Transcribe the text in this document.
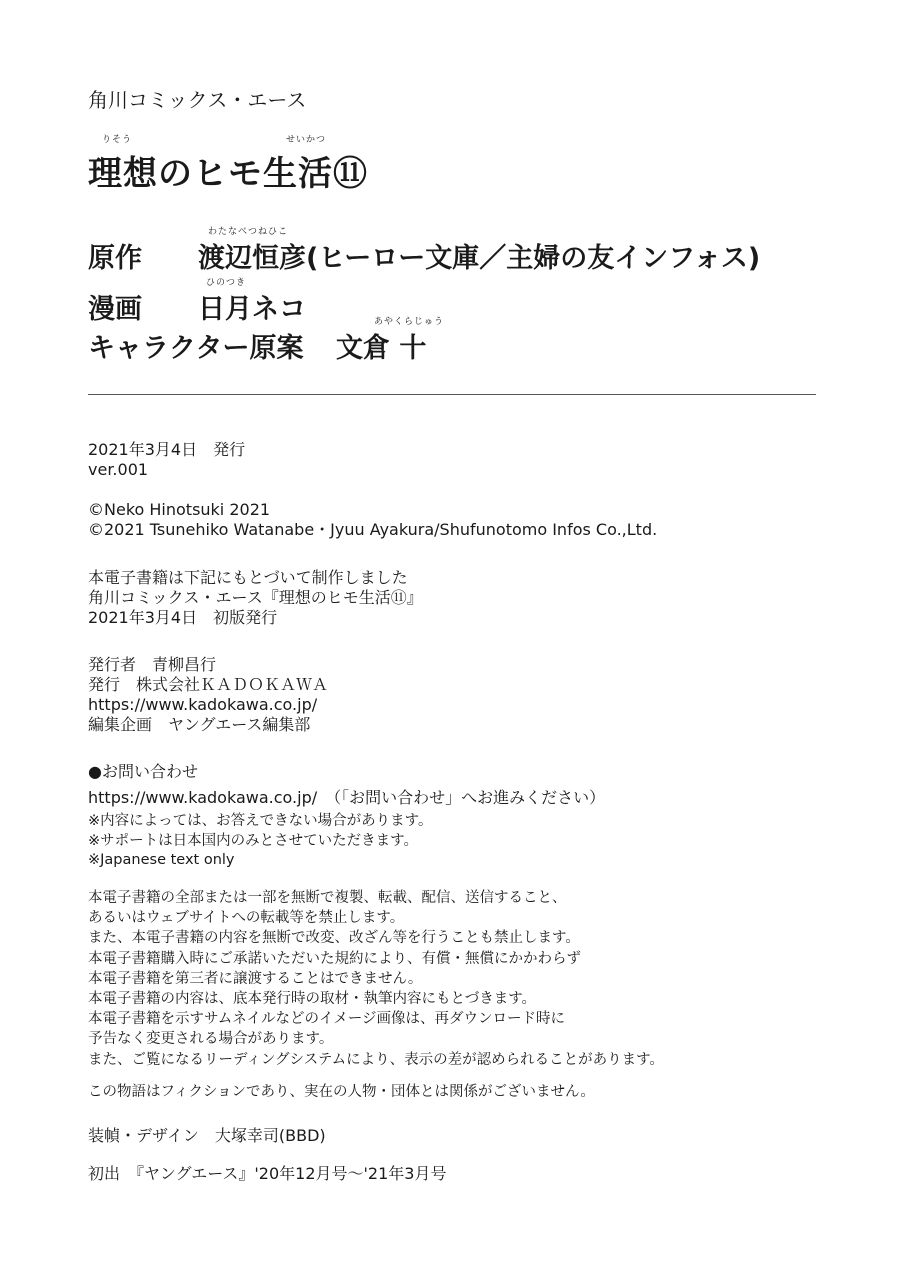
角川コミックス・エース
りそう	せいかつ
理想のヒモ生活⑪
わたなべつねひこ
原作 渡辺恒彦(ヒーロー文庫／主婦の友インフォス)
ひのつき
漫画 日月ネコ	あやくらじゅう
キャラクター原案 文倉 十
2021年3月4日　発行
ver.001
©Neko Hinotsuki 2021
©2021 Tsunehiko Watanabe・Jyuu Ayakura/Shufunotomo Infos Co.,Ltd.
本電子書籍は下記にもとづいて制作しました
角川コミックス・エース『理想のヒモ生活⑪』
2021年3月4日　初版発行
発行者　青柳昌行
発行　株式会社ＫＡＤＯＫＡＷＡ
https://www.kadokawa.co.jp/
編集企画　ヤングエース編集部
●お問い合わせ
https://www.kadokawa.co.jp/　（「お問い合わせ」へお進みください）
※内容によっては、お答えできない場合があります。
※サポートは日本国内のみとさせていただきます。
※Japanese text only
本電子書籍の全部または一部を無断で複製、転載、配信、送信すること、
あるいはウェブサイトへの転載等を禁止します。
また、本電子書籍の内容を無断で改変、改ざん等を行うことも禁止します。
本電子書籍購入時にご承諾いただいた規約により、有償・無償にかかわらず
本電子書籍を第三者に譲渡することはできません。
本電子書籍の内容は、底本発行時の取材・執筆内容にもとづきます。
本電子書籍を示すサムネイルなどのイメージ画像は、再ダウンロード時に
予告なく変更される場合があります。
また、ご覧になるリーディングシステムにより、表示の差が認められることがあります。
この物語はフィクションであり、実在の人物・団体とは関係がございません。
装幀・デザイン　大塚幸司(BBD)
初出　『ヤングエース』'20年12月号〜'21年3月号
